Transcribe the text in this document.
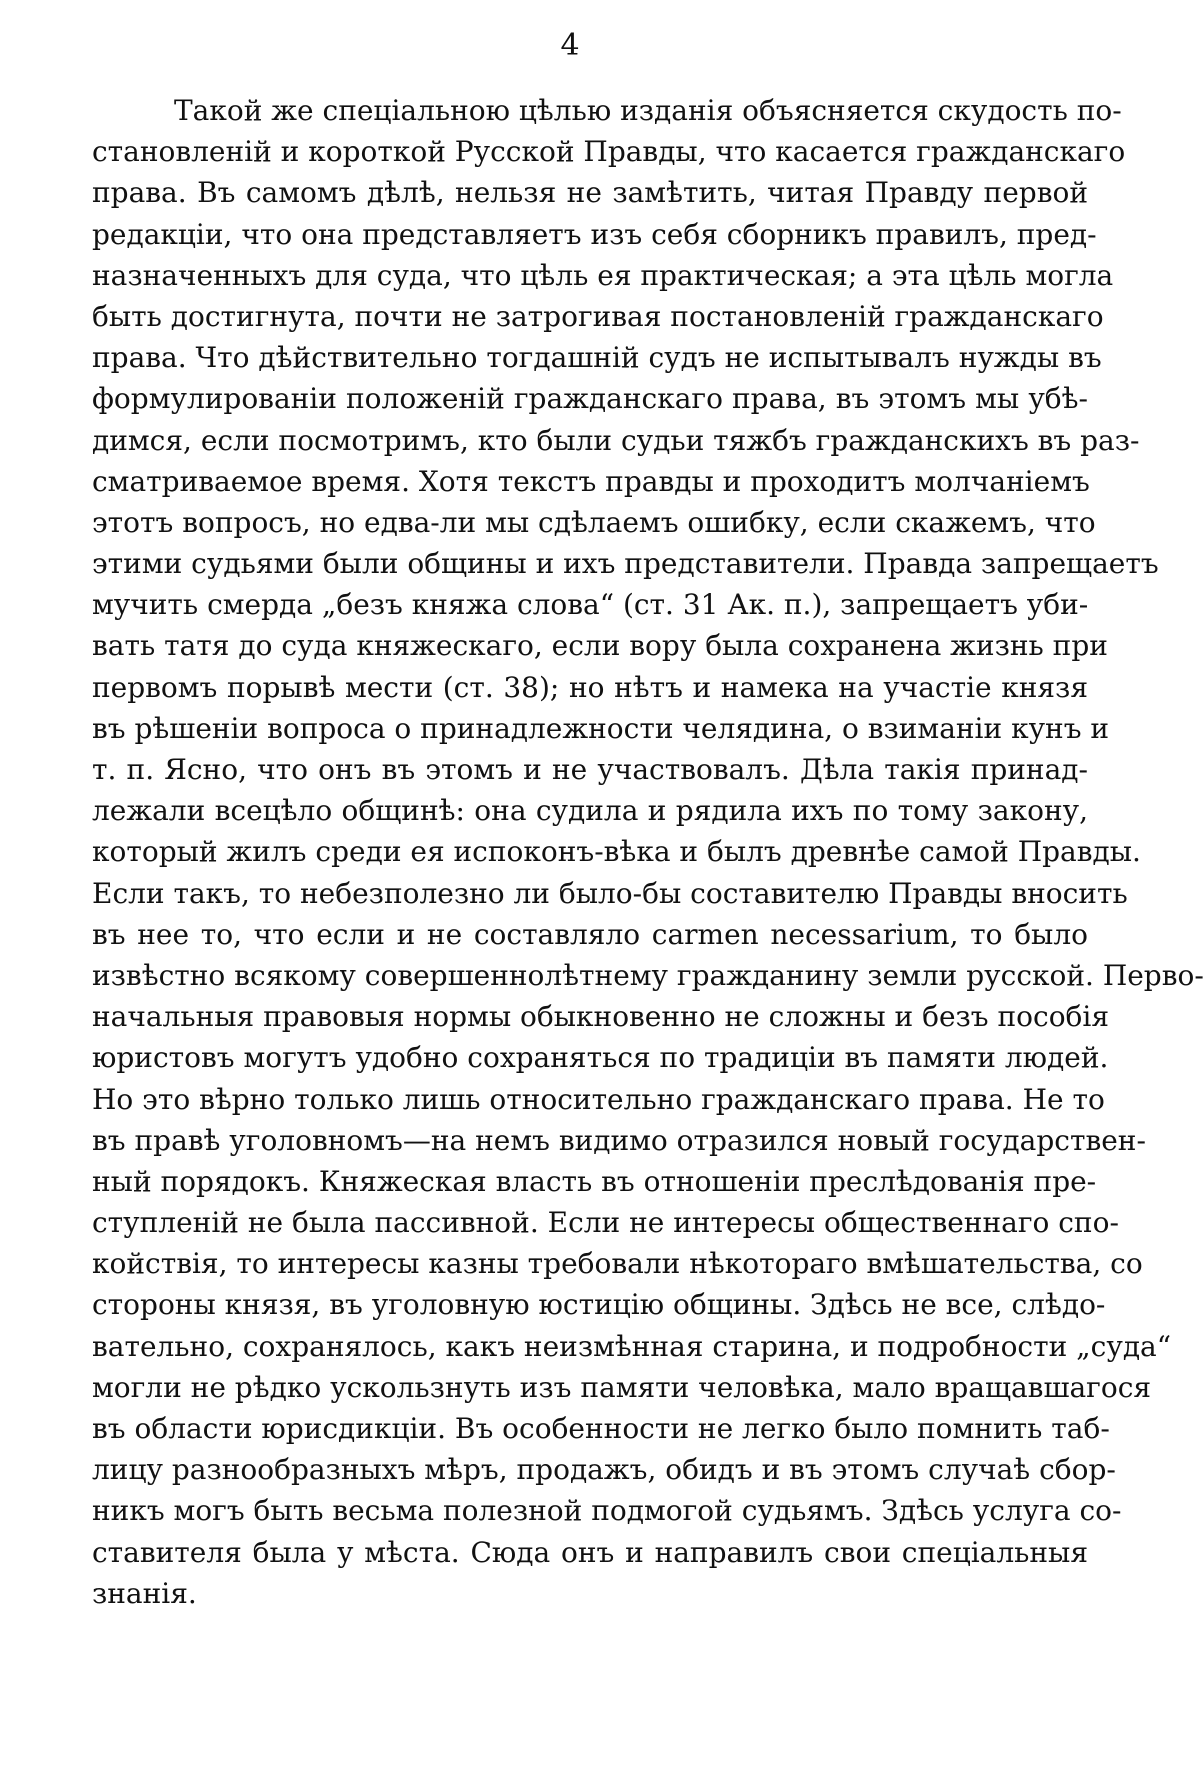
4
Такой же спецiальною цѣлью изданiя объясняется скудость по-
становленiй и короткой Русской Правды, что касается гражданскаго
права. Въ самомъ дѣлѣ, нельзя не замѣтить, читая Правду первой
редакцiи, что она представляетъ изъ себя сборникъ правилъ, пред-
назначенныхъ для суда, что цѣль ея практическая; а эта цѣль могла
быть достигнута, почти не затрогивая постановленiй гражданскаго
права. Что дѣйствительно тогдашнiй судъ не испытывалъ нужды въ
формулированiи положенiй гражданскаго права, въ этомъ мы убѣ-
димся, если посмотримъ, кто были судьи тяжбъ гражданскихъ въ раз-
сматриваемое время. Хотя текстъ правды и проходитъ молчанiемъ
этотъ вопросъ, но едва-ли мы сдѣлаемъ ошибку, если скажемъ, что
этими судьями были общины и ихъ представители. Правда запрещаетъ
мучить смерда „безъ княжа слова“ (ст. 31 Ак. п.), запрещаетъ уби-
вать татя до суда княжескаго, если вору была сохранена жизнь при
первомъ порывѣ мести (ст. 38); но нѣтъ и намека на участiе князя
въ рѣшенiи вопроса о принадлежности челядина, о взиманiи кунъ и
т. п. Ясно, что онъ въ этомъ и не участвовалъ. Дѣла такiя принад-
лежали всецѣло общинѣ: она судила и рядила ихъ по тому закону,
который жилъ среди ея испоконъ-вѣка и былъ древнѣе самой Правды.
Если такъ, то небезполезно ли было-бы составителю Правды вносить
въ нее то, что если и не составляло carmen necessarium, то было
извѣстно всякому совершеннолѣтнему гражданину земли русской. Перво-
начальныя правовыя нормы обыкновенно не сложны и безъ пособiя
юристовъ могутъ удобно сохраняться по традицiи въ памяти людей.
Но это вѣрно только лишь относительно гражданскаго права. Не то
въ правѣ уголовномъ—на немъ видимо отразился новый государствен-
ный порядокъ. Княжеская власть въ отношенiи преслѣдованiя пре-
ступленiй не была пассивной. Если не интересы общественнаго спо-
койствiя, то интересы казны требовали нѣкотораго вмѣшательства, со
стороны князя, въ уголовную юстицiю общины. Здѣсь не все, слѣдо-
вательно, сохранялось, какъ неизмѣнная старина, и подробности „суда“
могли не рѣдко ускользнуть изъ памяти человѣка, мало вращавшагося
въ области юрисдикцiи. Въ особенности не легко было помнить таб-
лицу разнообразныхъ мѣръ, продажъ, обидъ и въ этомъ случаѣ сбор-
никъ могъ быть весьма полезной подмогой судьямъ. Здѣсь услуга со-
ставителя была у мѣста. Сюда онъ и направилъ свои спецiальныя
знанiя.
